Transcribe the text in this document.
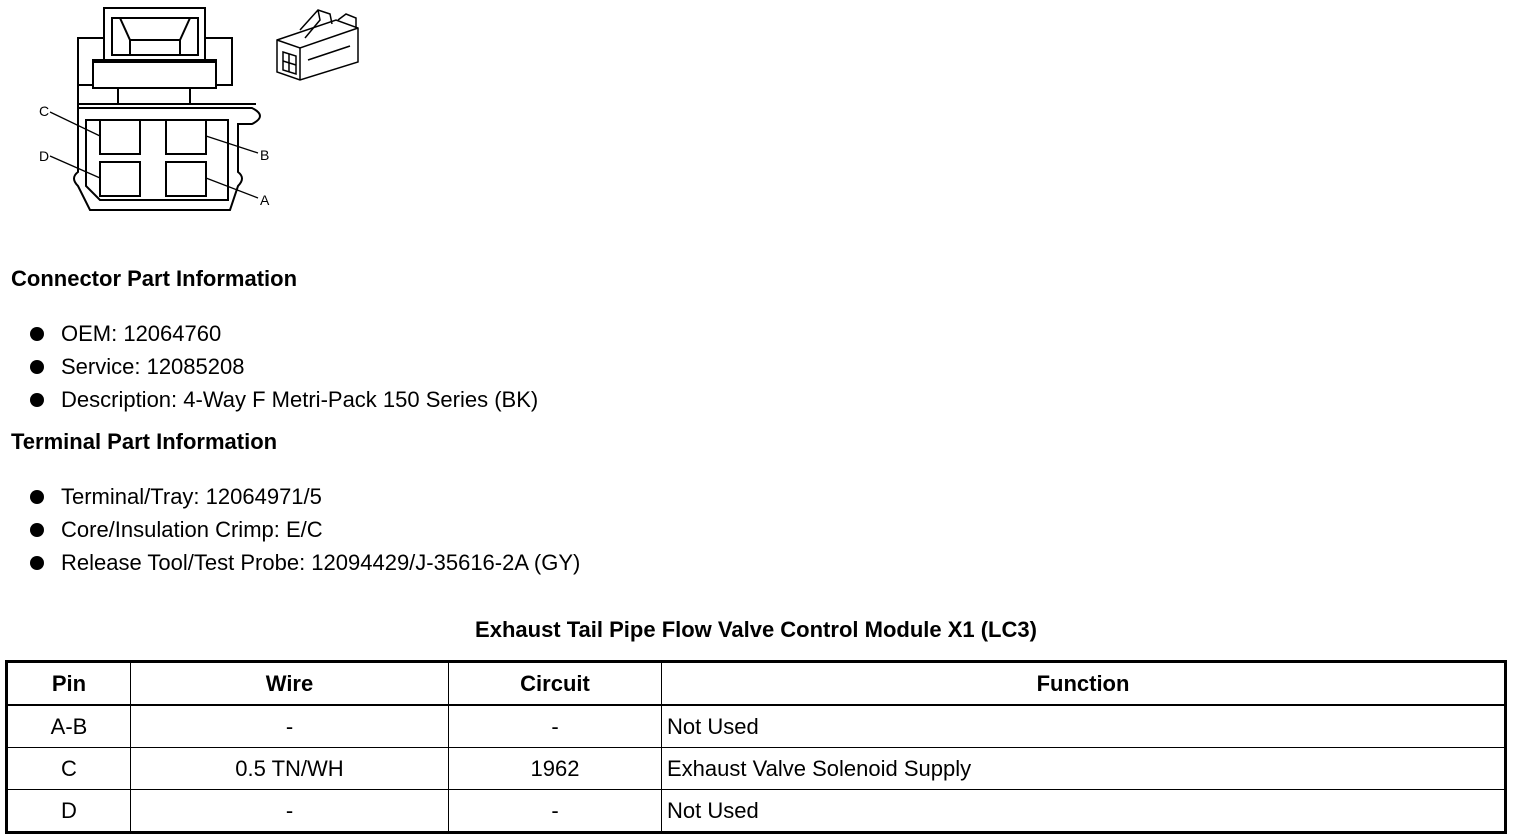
C
B
D
A
Connector Part Information
OEM: 12064760
Service: 12085208
Description: 4-Way F Metri-Pack 150 Series (BK)
Terminal Part Information
Terminal/Tray: 12064971/5
Core/Insulation Crimp: E/C
Release Tool/Test Probe: 12094429/J-35616-2A (GY)
Exhaust Tail Pipe Flow Valve Control Module X1 (LC3)
Pin	Wire	Circuit	Function
A-B	-	-	Not Used
C	0.5 TN/WH	1962	Exhaust Valve Solenoid Supply
D	-	-	Not Used
